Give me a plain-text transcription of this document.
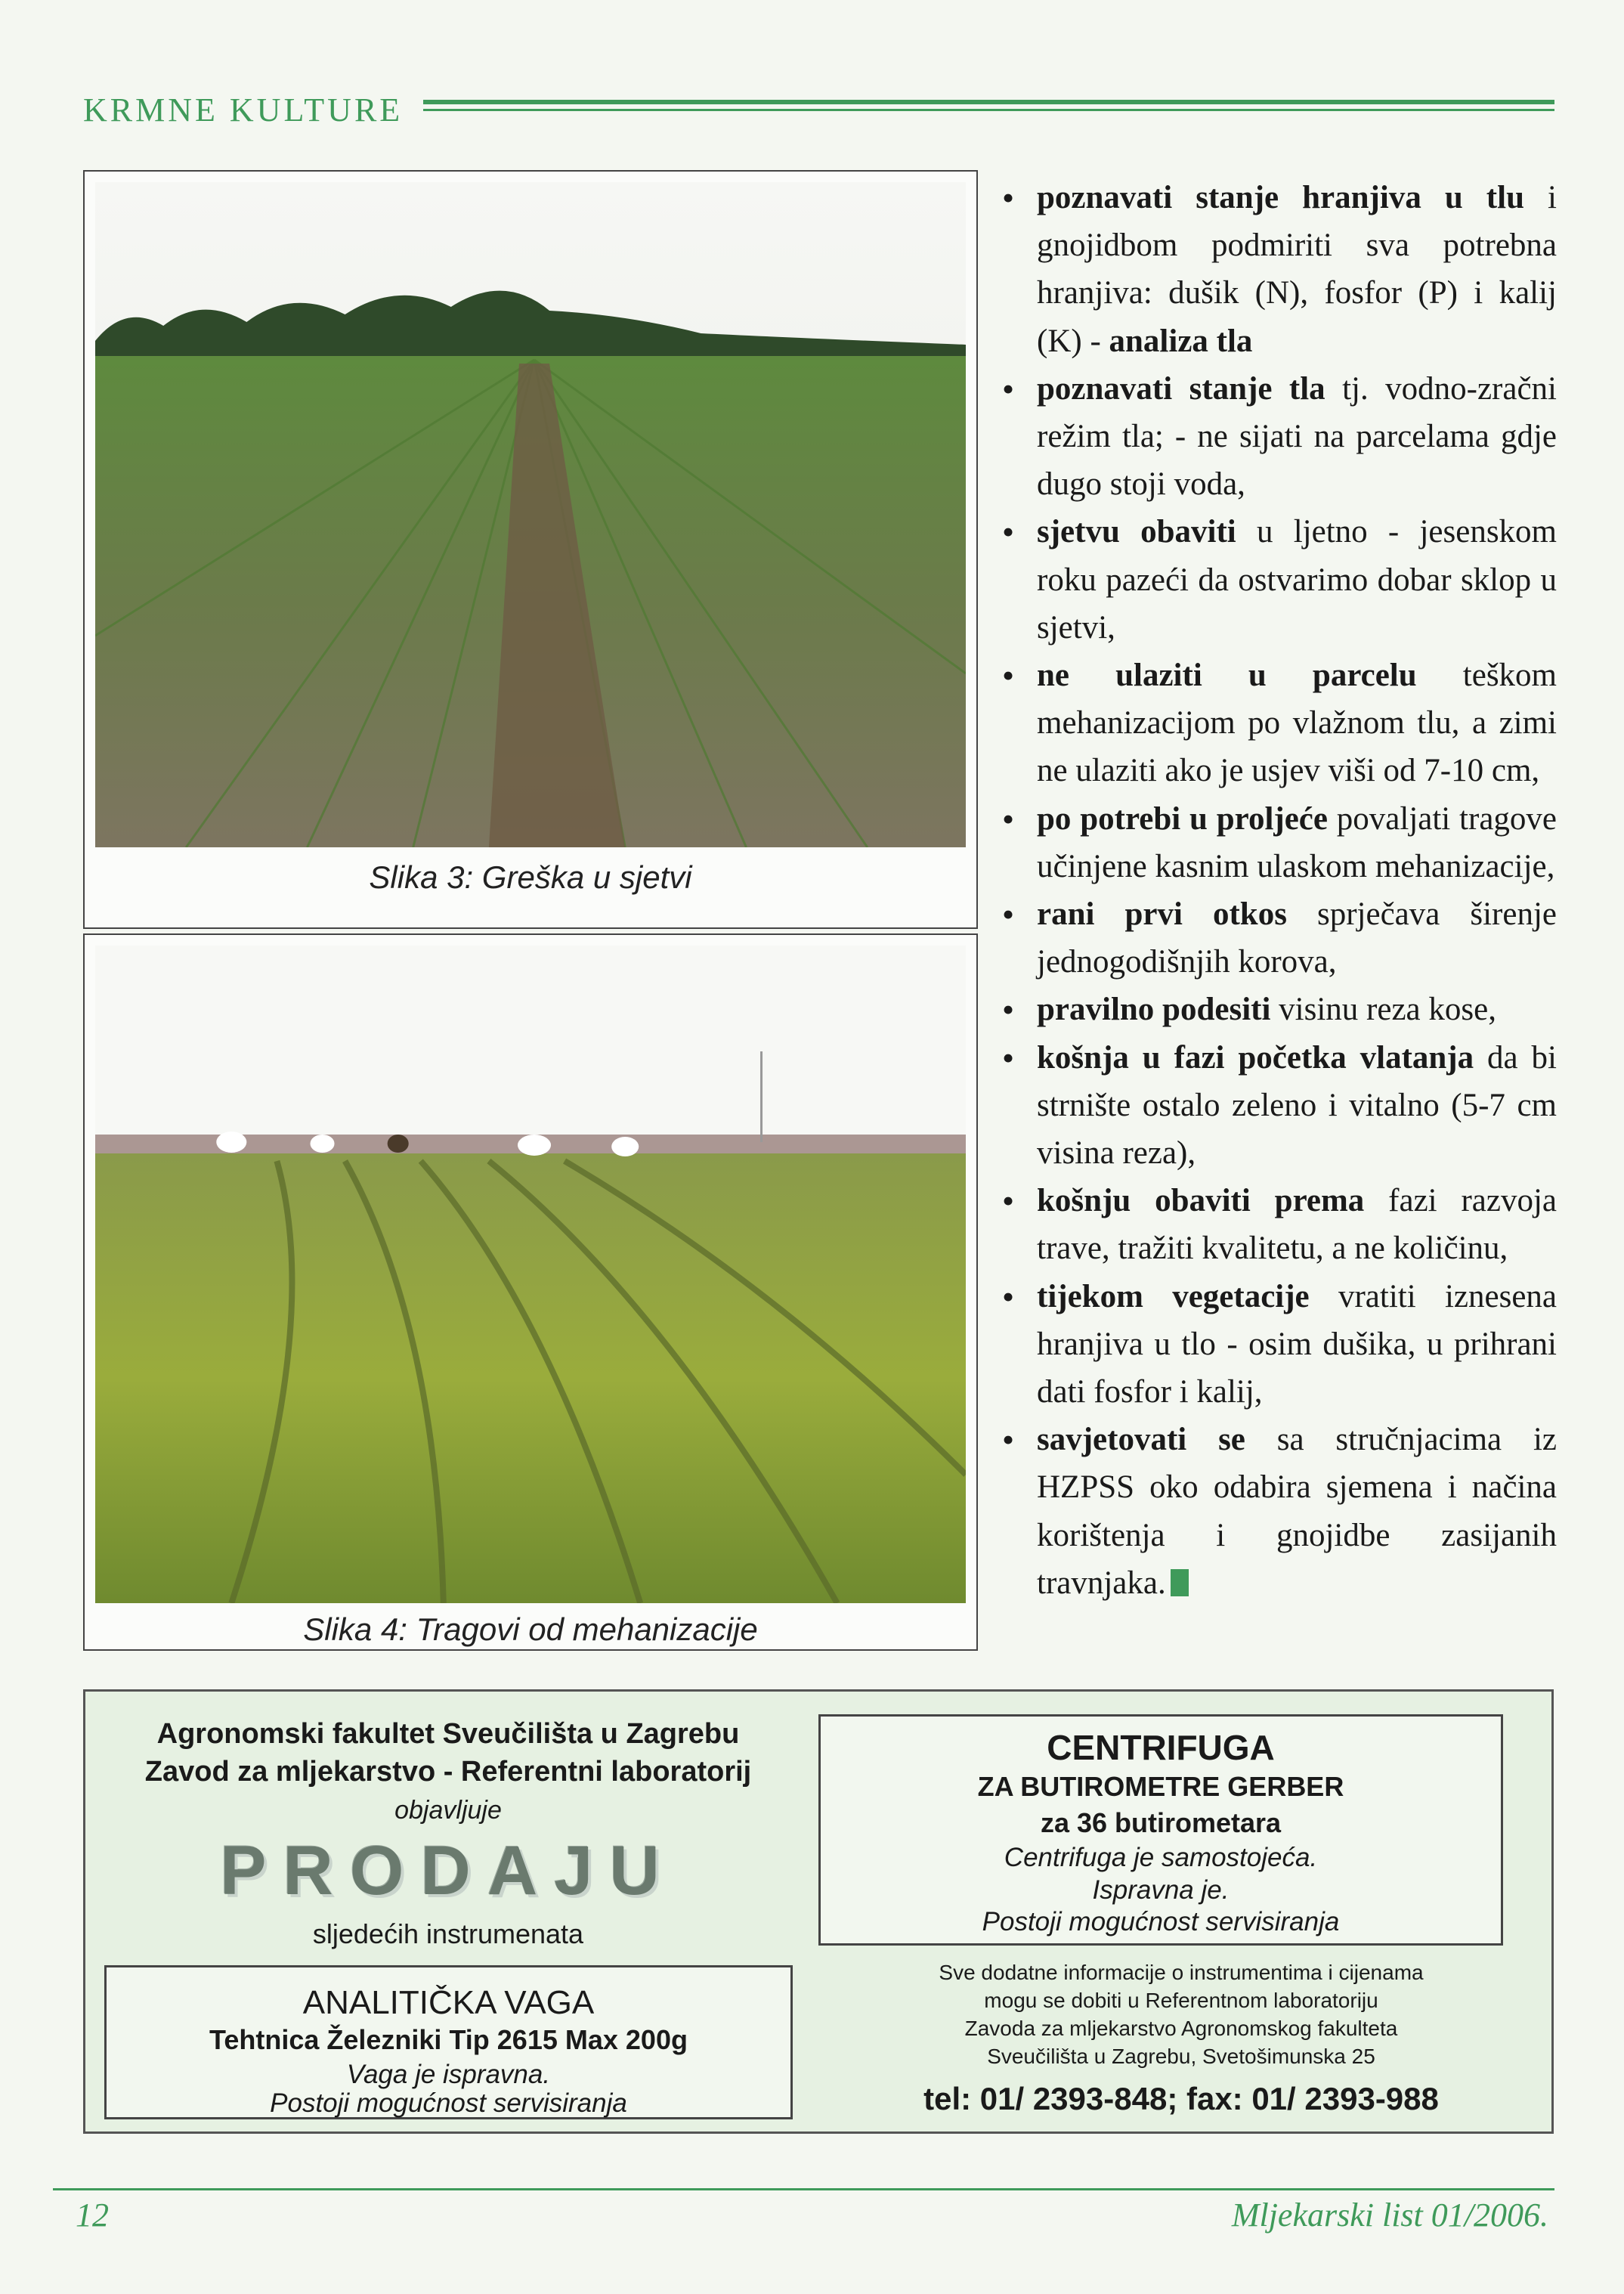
KRMNE KULTURE
Slika 3: Greška u sjetvi
Slika 4: Tragovi od mehanizacije
• poznavati stanje hranjiva u tlu i gnojidbom podmiriti sva potrebna hranjiva: dušik (N), fosfor (P) i kalij (K) - analiza tla
• poznavati stanje tla tj. vodno-zračni režim tla; - ne sijati na parcelama gdje dugo stoji voda,
• sjetvu obaviti u ljetno - jesenskom roku pazeći da ostvarimo dobar sklop u sjetvi,
• ne ulaziti u parcelu teškom mehanizacijom po vlažnom tlu, a zimi ne ulaziti ako je usjev viši od 7-10 cm,
• po potrebi u proljeće povaljati tragove učinjene kasnim ulaskom mehanizacije,
• rani prvi otkos sprječava širenje jednogodišnjih korova,
• pravilno podesiti visinu reza kose,
• košnja u fazi početka vlatanja da bi strnište ostalo zeleno i vitalno (5-7 cm visina reza),
• košnju obaviti prema fazi razvoja trave, tražiti kvalitetu, a ne količinu,
• tijekom vegetacije vratiti iznesena hranjiva u tlo - osim dušika, u prihrani dati fosfor i kalij,
• savjetovati se sa stručnjacima iz HZPSS oko odabira sjemena i načina korištenja i gnojidbe zasijanih travnjaka.
Agronomski fakultet Sveučilišta u Zagrebu
Zavod za mljekarstvo - Referentni laboratorij
objavljuje
PRODAJU
sljedećih instrumenata
ANALITIČKA VAGA
Tehtnica Železniki Tip 2615 Max 200g
Vaga je ispravna.
Postoji mogućnost servisiranja
CENTRIFUGA
ZA BUTIROMETRE GERBER
za 36 butirometara
Centrifuga je samostojeća.
Ispravna je.
Postoji mogućnost servisiranja
Sve dodatne informacije o instrumentima i cijenama
mogu se dobiti u Referentnom laboratoriju
Zavoda za mljekarstvo Agronomskog fakulteta
Sveučilišta u Zagrebu, Svetošimunska 25
tel: 01/ 2393-848; fax: 01/ 2393-988
12	Mljekarski list 01/2006.
